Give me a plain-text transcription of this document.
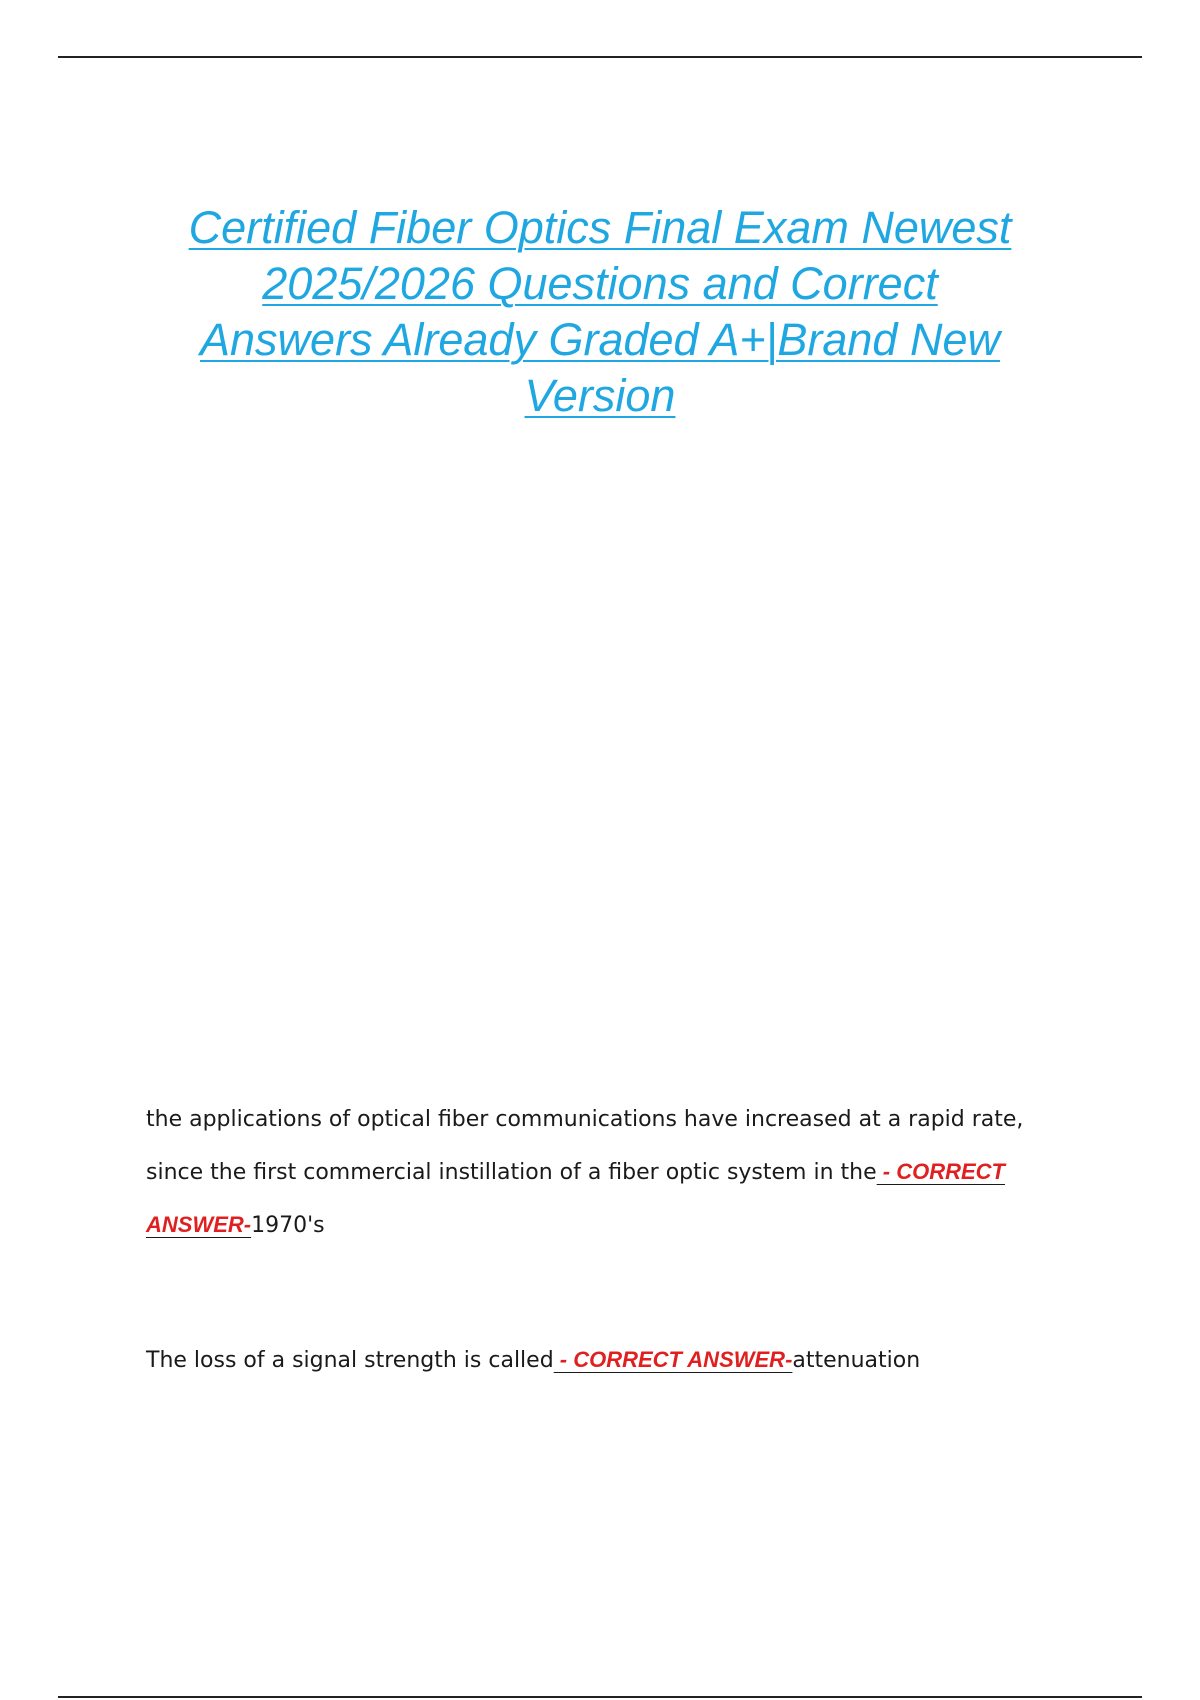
Certified Fiber Optics Final Exam Newest
2025/2026 Questions and Correct
Answers Already Graded A+|Brand New
Version

the applications of optical fiber communications have increased at a rapid rate, since the first commercial instillation of a fiber optic system in the - CORRECT ANSWER-1970's

The loss of a signal strength is called - CORRECT ANSWER-attenuation
